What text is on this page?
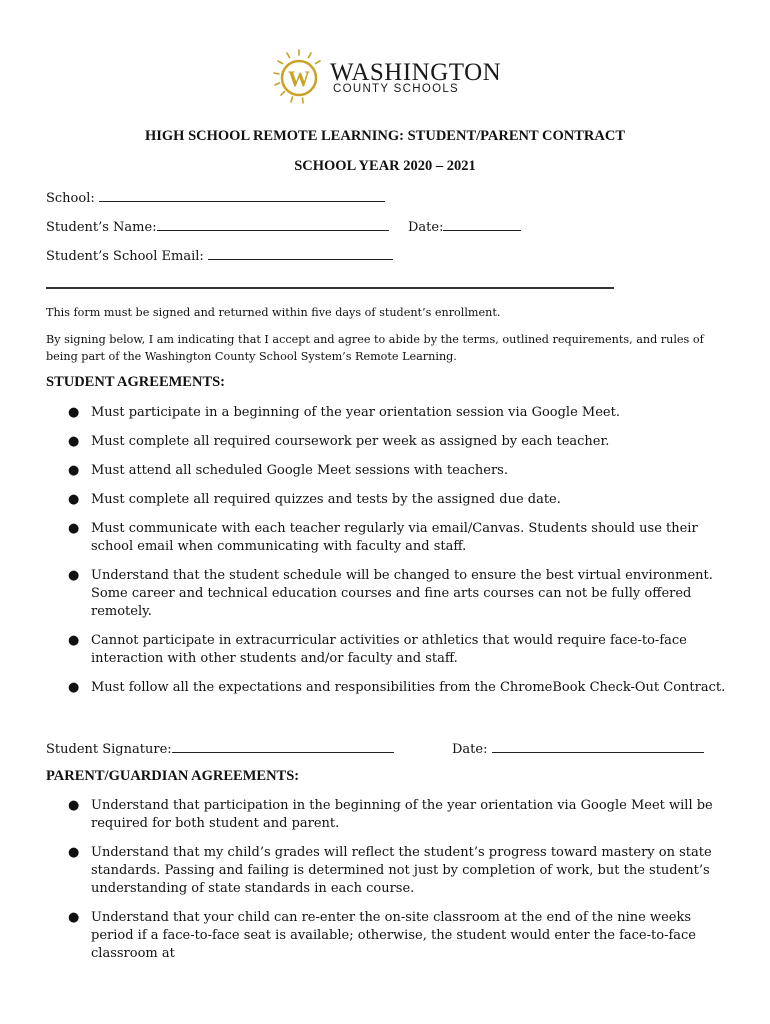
W WASHINGTON
COUNTY SCHOOLS
HIGH SCHOOL REMOTE LEARNING: STUDENT/PARENT CONTRACT
SCHOOL YEAR 2020 – 2021
School:
Student’s Name:	Date:
Student’s School Email:
This form must be signed and returned within five days of student’s enrollment.
By signing below, I am indicating that I accept and agree to abide by the terms, outlined requirements, and rules of being part of the Washington County School System’s Remote Learning.
STUDENT AGREEMENTS:
● Must participate in a beginning of the year orientation session via Google Meet.
● Must complete all required coursework per week as assigned by each teacher.
● Must attend all scheduled Google Meet sessions with teachers.
● Must complete all required quizzes and tests by the assigned due date.
● Must communicate with each teacher regularly via email/Canvas. Students should use their school email when communicating with faculty and staff.
● Understand that the student schedule will be changed to ensure the best virtual environment. Some career and technical education courses and fine arts courses can not be fully offered remotely.
● Cannot participate in extracurricular activities or athletics that would require face-to-face interaction with other students and/or faculty and staff.
● Must follow all the expectations and responsibilities from the ChromeBook Check-Out Contract.
Student Signature:	Date:
PARENT/GUARDIAN AGREEMENTS:
● Understand that participation in the beginning of the year orientation via Google Meet will be required for both student and parent.
● Understand that my child’s grades will reflect the student’s progress toward mastery on state standards. Passing and failing is determined not just by completion of work, but the student’s understanding of state standards in each course.
● Understand that your child can re-enter the on-site classroom at the end of the nine weeks period if a face-to-face seat is available; otherwise, the student would enter the face-to-face classroom at
